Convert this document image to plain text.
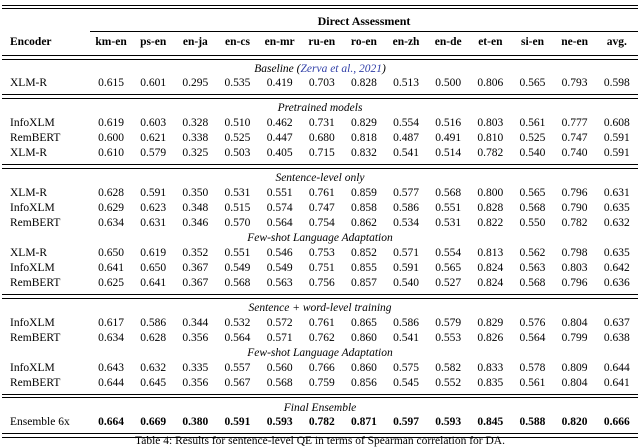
	Direct Assessment												
Encoder	km-en	ps-en	en-ja	en-cs	en-mr	ru-en	ro-en	en-zh	en-de	et-en	si-en	ne-en	avg.

Baseline (Zerva et al., 2021)													
XLM-R	0.615	0.601	0.295	0.535	0.419	0.703	0.828	0.513	0.500	0.806	0.565	0.793	0.598

Pretrained models													
InfoXLM	0.619	0.603	0.328	0.510	0.462	0.731	0.829	0.554	0.516	0.803	0.561	0.777	0.608
RemBERT	0.600	0.621	0.338	0.525	0.447	0.680	0.818	0.487	0.491	0.810	0.525	0.747	0.591
XLM-R	0.610	0.579	0.325	0.503	0.405	0.715	0.832	0.541	0.514	0.782	0.540	0.740	0.591

Sentence-level only													
XLM-R	0.628	0.591	0.350	0.531	0.551	0.761	0.859	0.577	0.568	0.800	0.565	0.796	0.631
InfoXLM	0.629	0.623	0.348	0.515	0.574	0.747	0.858	0.586	0.551	0.828	0.568	0.790	0.635
RemBERT	0.634	0.631	0.346	0.570	0.564	0.754	0.862	0.534	0.531	0.822	0.550	0.782	0.632
Few-shot Language Adaptation													
XLM-R	0.650	0.619	0.352	0.551	0.546	0.753	0.852	0.571	0.554	0.813	0.562	0.798	0.635
InfoXLM	0.641	0.650	0.367	0.549	0.549	0.751	0.855	0.591	0.565	0.824	0.563	0.803	0.642
RemBERT	0.625	0.641	0.367	0.568	0.563	0.756	0.857	0.540	0.527	0.824	0.568	0.796	0.636

Sentence + word-level training													
InfoXLM	0.617	0.586	0.344	0.532	0.572	0.761	0.865	0.586	0.579	0.829	0.576	0.804	0.637
RemBERT	0.634	0.628	0.356	0.564	0.571	0.762	0.860	0.541	0.553	0.826	0.564	0.799	0.638
Few-shot Language Adaptation													
InfoXLM	0.643	0.632	0.335	0.557	0.560	0.766	0.860	0.575	0.582	0.833	0.578	0.809	0.644
RemBERT	0.644	0.645	0.356	0.567	0.568	0.759	0.856	0.545	0.552	0.835	0.561	0.804	0.641

Final Ensemble													
Ensemble 6x	0.664	0.669	0.380	0.591	0.593	0.782	0.871	0.597	0.593	0.845	0.588	0.820	0.666

Table 4: Results for sentence-level QE in terms of Spearman correlation for DA.
